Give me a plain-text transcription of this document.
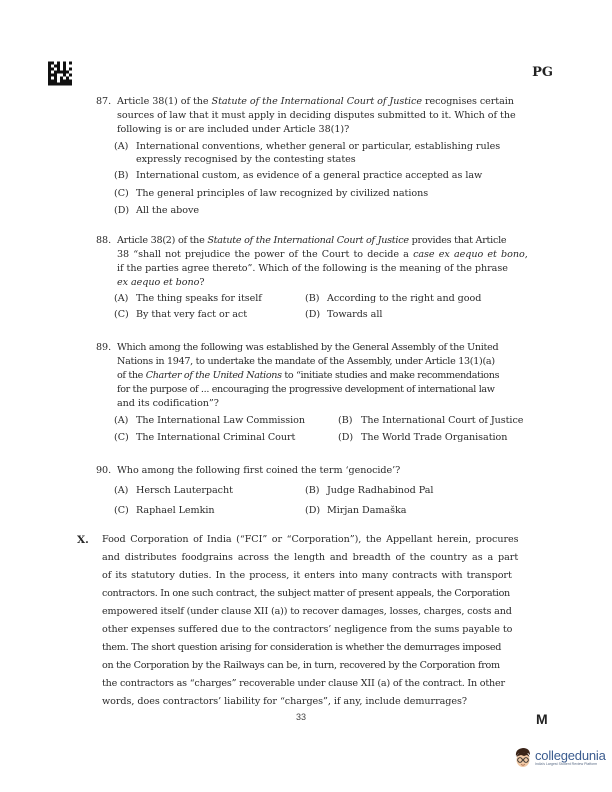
PG
87. Article 38(1) of the Statute of the International Court of Justice recognises certain
sources of law that it must apply in deciding disputes submitted to it. Which of the
following is or are included under Article 38(1)?
(A) International conventions, whether general or particular, establishing rules
expressly recognised by the contesting states
(B) International custom, as evidence of a general practice accepted as law
(C) The general principles of law recognized by civilized nations
(D) All the above
88. Article 38(2) of the Statute of the International Court of Justice provides that Article
38 “shall not prejudice the power of the Court to decide a case ex aequo et bono,
if the parties agree thereto”. Which of the following is the meaning of the phrase
ex aequo et bono?
(A) The thing speaks for itself	(B) According to the right and good
(C) By that very fact or act	(D) Towards all
89. Which among the following was established by the General Assembly of the United
Nations in 1947, to undertake the mandate of the Assembly, under Article 13(1)(a)
of the Charter of the United Nations to “initiate studies and make recommendations
for the purpose of ... encouraging the progressive development of international law
and its codification”?
(A) The International Law Commission	(B) The International Court of Justice
(C) The International Criminal Court	(D) The World Trade Organisation
90. Who among the following first coined the term ‘genocide’?
(A) Hersch Lauterpacht	(B) Judge Radhabinod Pal
(C) Raphael Lemkin	(D) Mirjan Damaška
X. Food Corporation of India (“FCI” or “Corporation”), the Appellant herein, procures
and distributes foodgrains across the length and breadth of the country as a part
of its statutory duties. In the process, it enters into many contracts with transport
contractors. In one such contract, the subject matter of present appeals, the Corporation
empowered itself (under clause XII (a)) to recover damages, losses, charges, costs and
other expenses suffered due to the contractors’ negligence from the sums payable to
them. The short question arising for consideration is whether the demurrages imposed
on the Corporation by the Railways can be, in turn, recovered by the Corporation from
the contractors as “charges” recoverable under clause XII (a) of the contract. In other
words, does contractors’ liability for “charges”, if any, include demurrages?
33	M
collegedunia
India's Largest Student Review Platform
